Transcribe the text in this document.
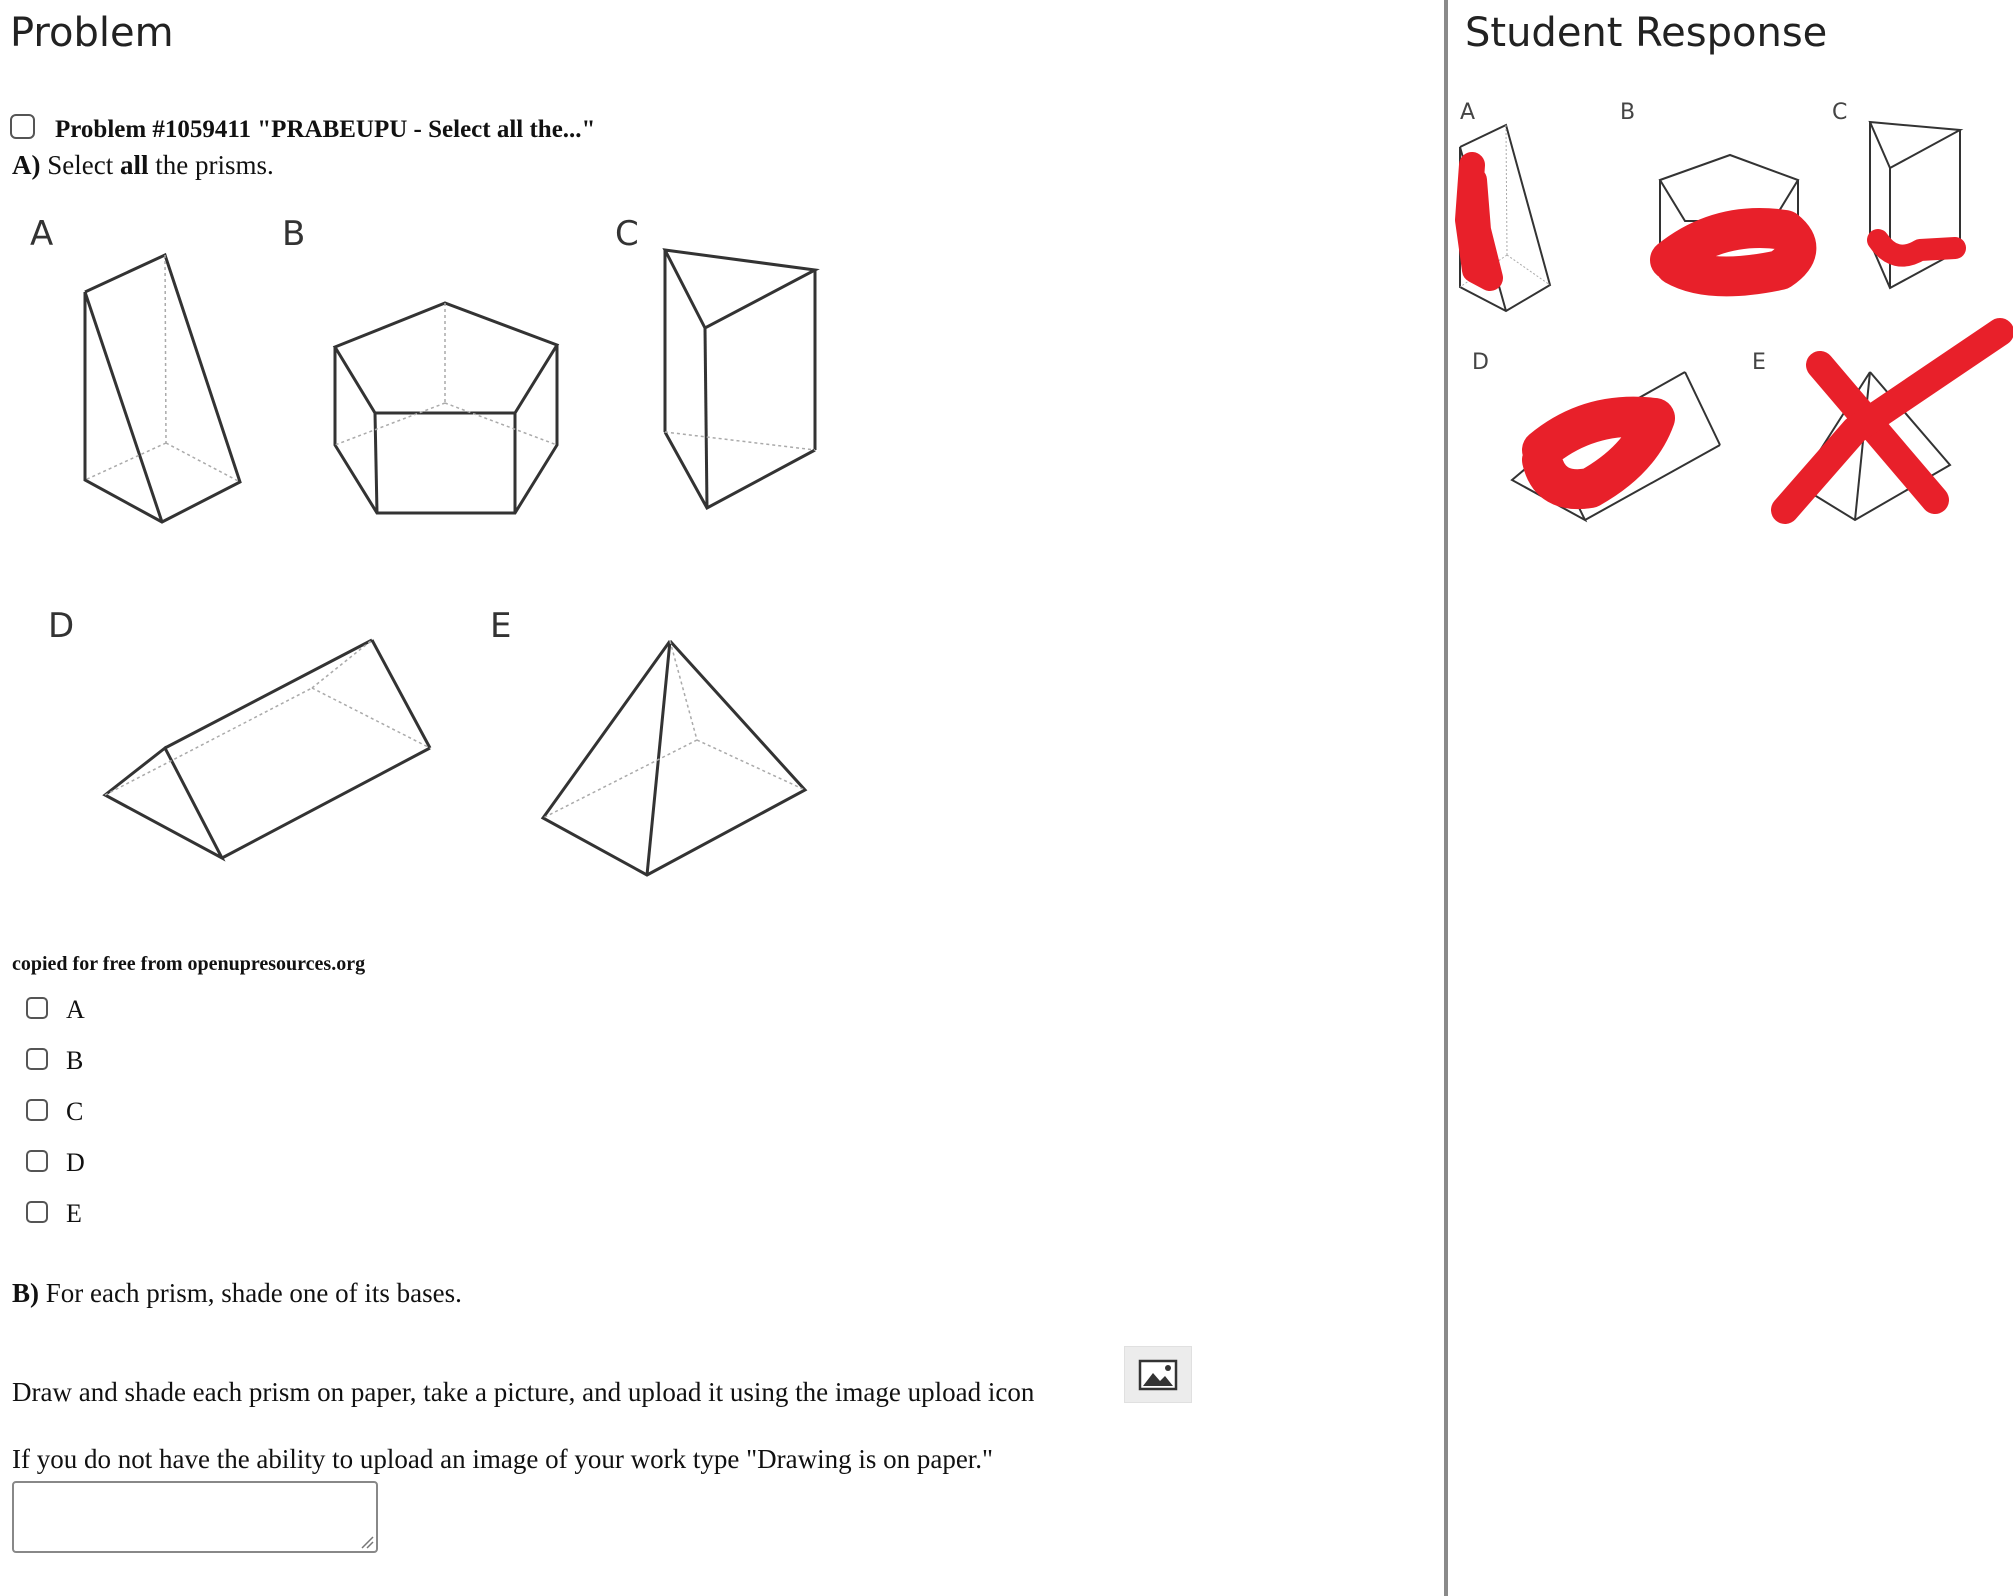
Problem
Problem #1059411 "PRABEUPU - Select all the..."
A) Select all the prisms.
A	B	C
D	E
copied for free from openupresources.org
A
B
C
D
E
B) For each prism, shade one of its bases.
Draw and shade each prism on paper, take a picture, and upload it using the image upload icon
If you do not have the ability to upload an image of your work type "Drawing is on paper."
Student Response
A	B	C
D	E
